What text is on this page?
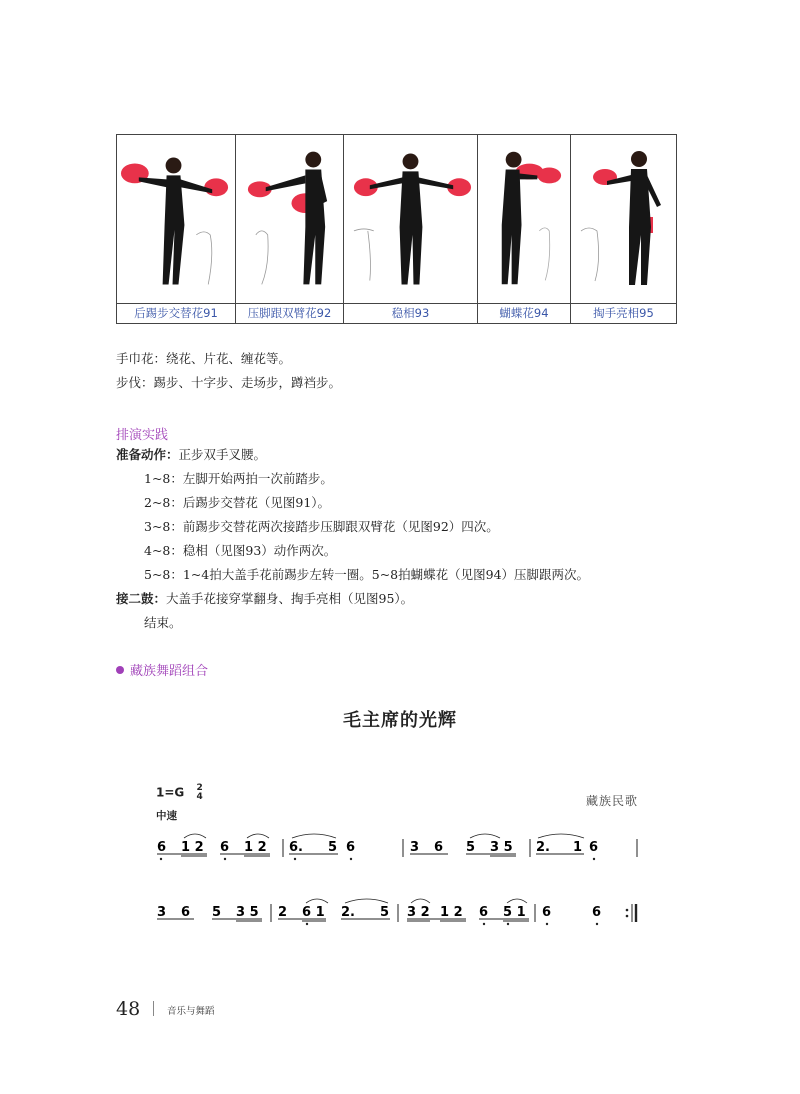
后踢步交替花91	压脚跟双臂花92	稳相93	蝴蝶花94	掏手亮相95
手巾花：绕花、片花、缠花等。
步伐：踢步、十字步、走场步，蹲裆步。
排演实践
准备动作：正步双手叉腰。
1~8：左脚开始两拍一次前踏步。
2~8：后踢步交替花（见图91）。
3~8：前踢步交替花两次接踏步压脚跟双臂花（见图92）四次。
4~8：稳相（见图93）动作两次。
5~8：1~4拍大盖手花前踢步左转一圈。5~8拍蝴蝶花（见图94）压脚跟两次。
接二鼓：大盖手花接穿掌翻身、掏手亮相（见图95）。
结束。
藏族舞蹈组合
毛主席的光辉
1=G 2
4
中速
藏族民歌
6 1 2 6 1 2 6. 5 6	3 6 5 3 5 2. 1 6
3 6 5 3 5 2 6 1 2. 5 3 2 1 2 6 5 1 6	6
48	音乐与舞蹈
